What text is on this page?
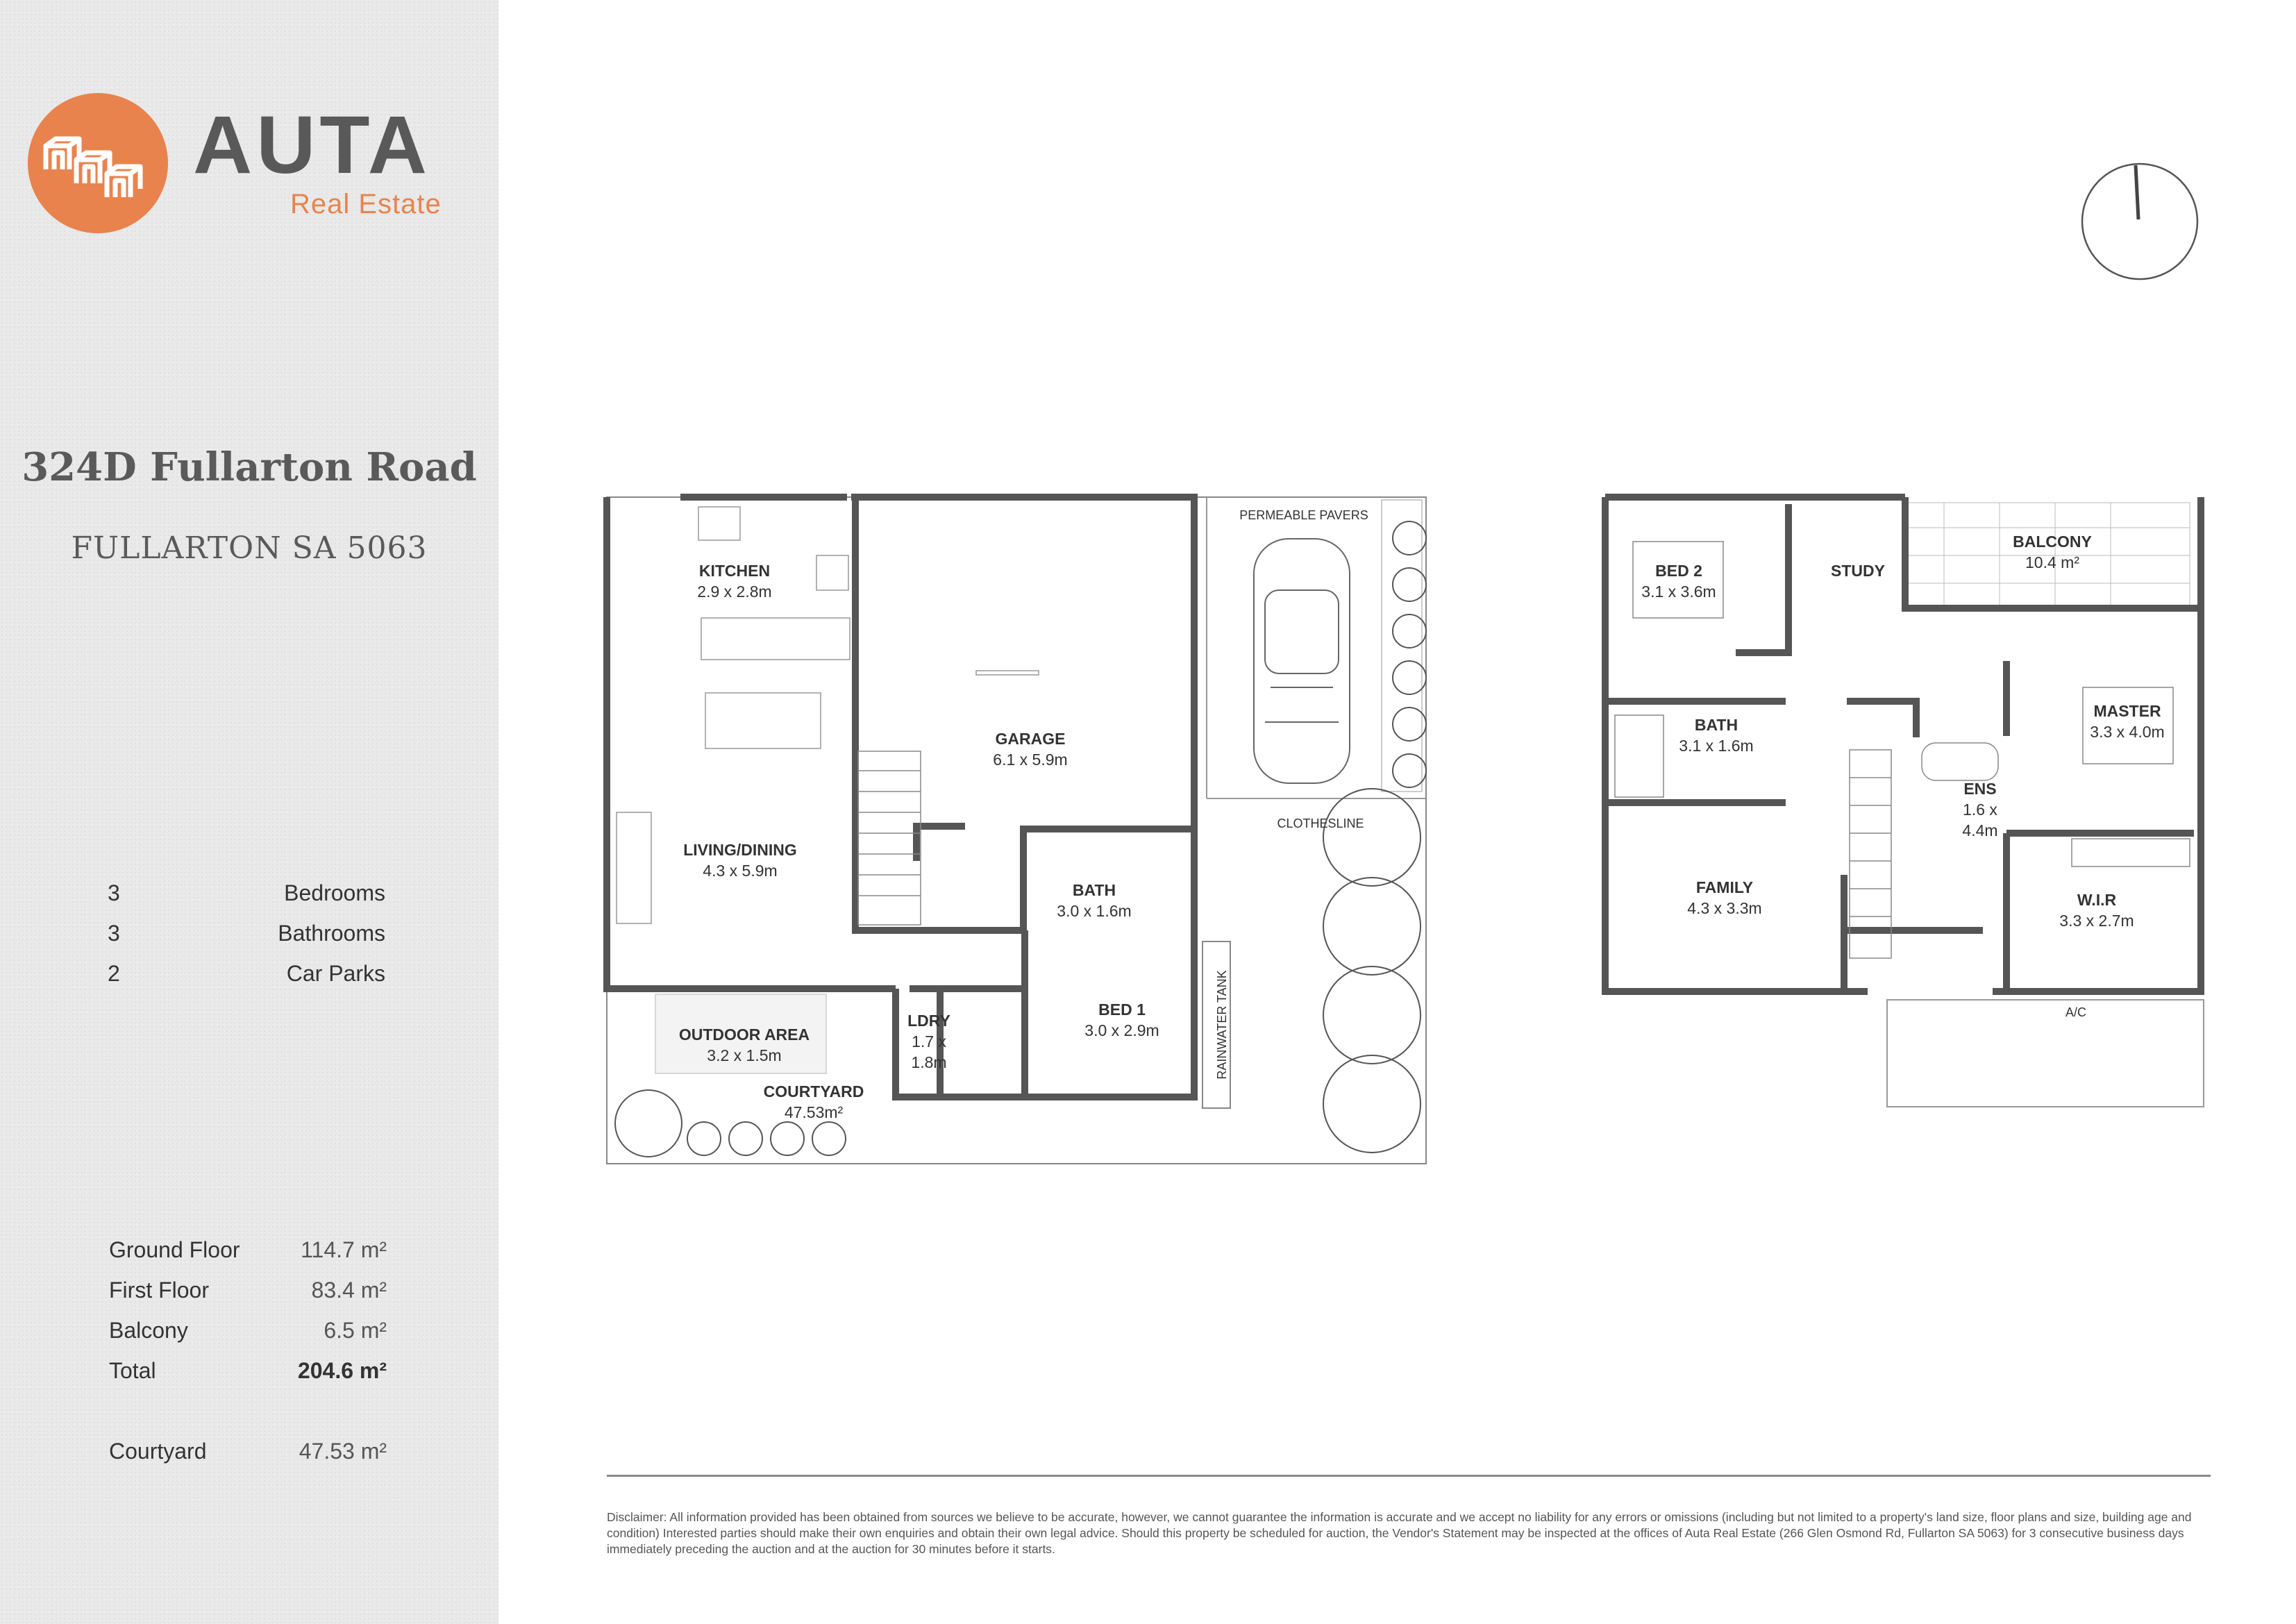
AUTA
Real Estate
324D Fullarton Road
FULLARTON SA 5063
3	Bedrooms
3	Bathrooms
2	Car Parks
Ground Floor	114.7 m²
First Floor	83.4 m²
Balcony	6.5 m²
Total	204.6 m²
Courtyard	47.53 m²
KITCHEN
2.9 x 2.8m
GARAGE
6.1 x 5.9m
LIVING/DINING
4.3 x 5.9m
BATH
3.0 x 1.6m
BED 1
3.0 x 2.9m
LDRY
1.7 x
1.8m
OUTDOOR AREA
3.2 x 1.5m
COURTYARD
47.53m²
PERMEABLE PAVERS
CLOTHESLINE
RAINWATER TANK
BED 2
3.1 x 3.6m
STUDY
BALCONY
10.4 m²
BATH
3.1 x 1.6m
MASTER
3.3 x 4.0m
ENS
1.6 x
4.4m
FAMILY
4.3 x 3.3m	W.I.R
3.3 x 2.7m
A/C
Disclaimer: All information provided has been obtained from sources we believe to be accurate, however, we cannot guarantee the information is accurate and we accept no liability for any errors or omissions (including but not limited to a property's land size, floor plans and size, building age and condition) Interested parties should make their own enquiries and obtain their own legal advice. Should this property be scheduled for auction, the Vendor's Statement may be inspected at the offices of Auta Real Estate (266 Glen Osmond Rd, Fullarton SA 5063) for 3 consecutive business days immediately preceding the auction and at the auction for 30 minutes before it starts.
